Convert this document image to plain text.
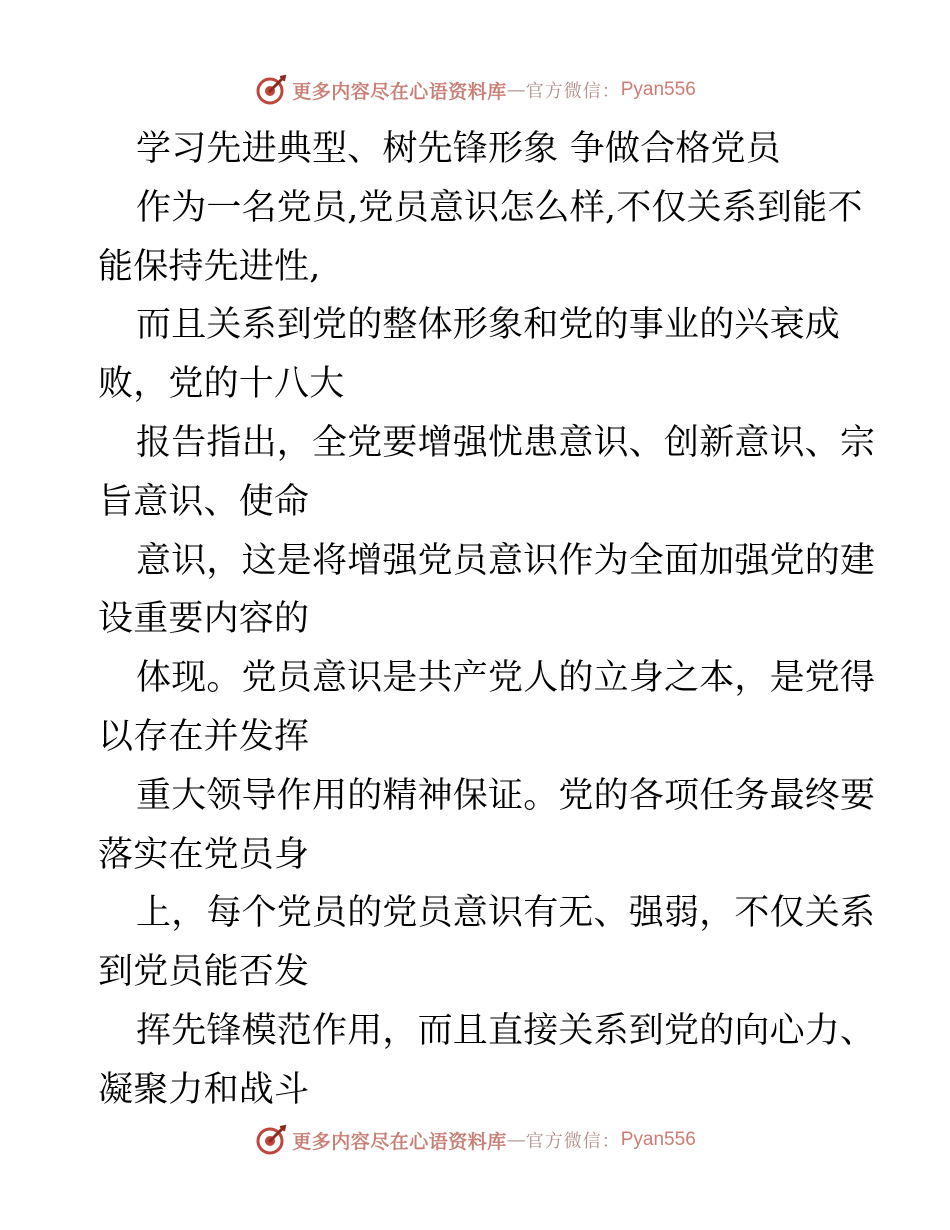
更多内容尽在心语资料库 — 官方微信： Pyan556
学习先进典型、树先锋形象 争做合格党员
作为一名党员,党员意识怎么样,不仅关系到能不
能保持先进性,
而且关系到党的整体形象和党的事业的兴衰成
败，党的十八大
报告指出，全党要增强忧患意识、创新意识、宗
旨意识、使命
意识，这是将增强党员意识作为全面加强党的建
设重要内容的
体现。党员意识是共产党人的立身之本，是党得
以存在并发挥
重大领导作用的精神保证。党的各项任务最终要
落实在党员身
上，每个党员的党员意识有无、强弱，不仅关系
到党员能否发
挥先锋模范作用，而且直接关系到党的向心力、
凝聚力和战斗
更多内容尽在心语资料库 — 官方微信： Pyan556
